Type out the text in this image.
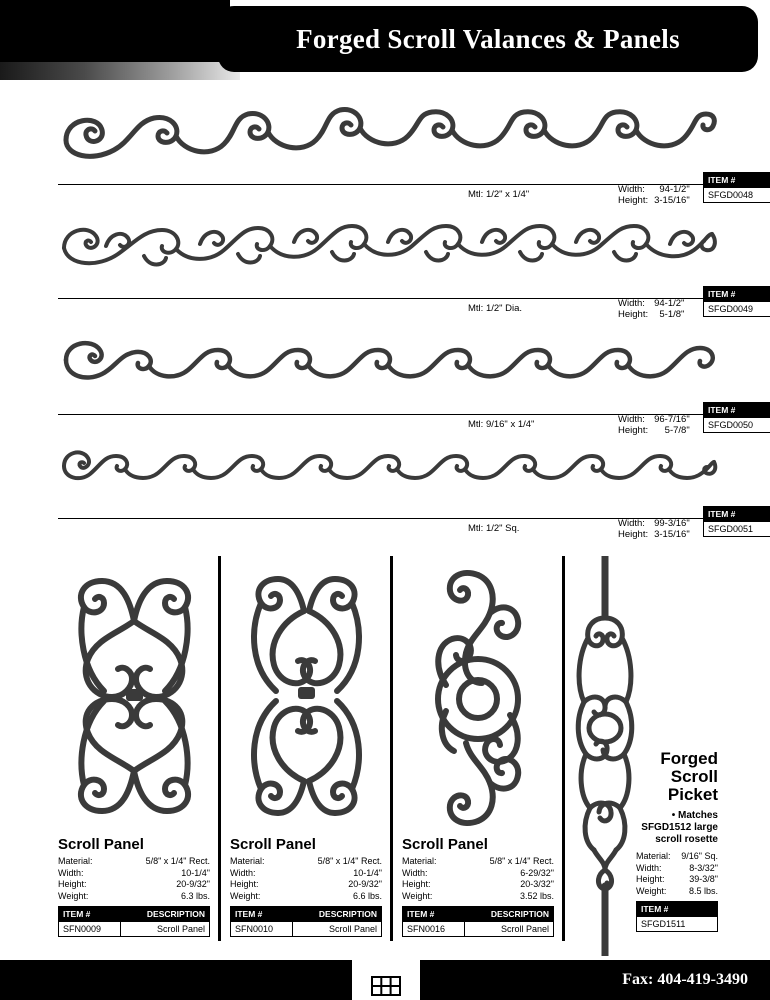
Forged Scroll Valances & Panels
Mtl: 1/2" x 1/4"	Width:	94-1/2"
Height:	3-15/16"
ITEM #
SFGD0048
Mtl: 1/2" Dia.	Width:	94-1/2"
Height:	5-1/8"
ITEM #
SFGD0049
Mtl: 9/16" x 1/4"	Width:	96-7/16"
Height:	5-7/8"
ITEM #
SFGD0050
Mtl: 1/2" Sq.	Width:	99-3/16"
Height:	3-15/16"
ITEM #
SFGD0051
Scroll Panel
Material:	5/8" x 1/4" Rect.
Width:	10-1/4"
Height:	20-9/32"
Weight:	6.3 lbs.
ITEM #	DESCRIPTION
SFN0009	Scroll Panel
Scroll Panel
Material:	5/8" x 1/4" Rect.
Width:	10-1/4"
Height:	20-9/32"
Weight:	6.6 lbs.
ITEM #	DESCRIPTION
SFN0010	Scroll Panel
Scroll Panel
Material:	5/8" x 1/4" Rect.
Width:	6-29/32"
Height:	20-3/32"
Weight:	3.52 lbs.
ITEM #	DESCRIPTION
SFN0016	Scroll Panel
Forged
Scroll
Picket
• Matches SFGD1512 large scroll rosette
Material:	9/16" Sq.
Width:	8-3/32"
Height:	39-3/8"
Weight:	8.5 lbs.
ITEM #
SFGD1511
Fax: 404-419-3490
59
